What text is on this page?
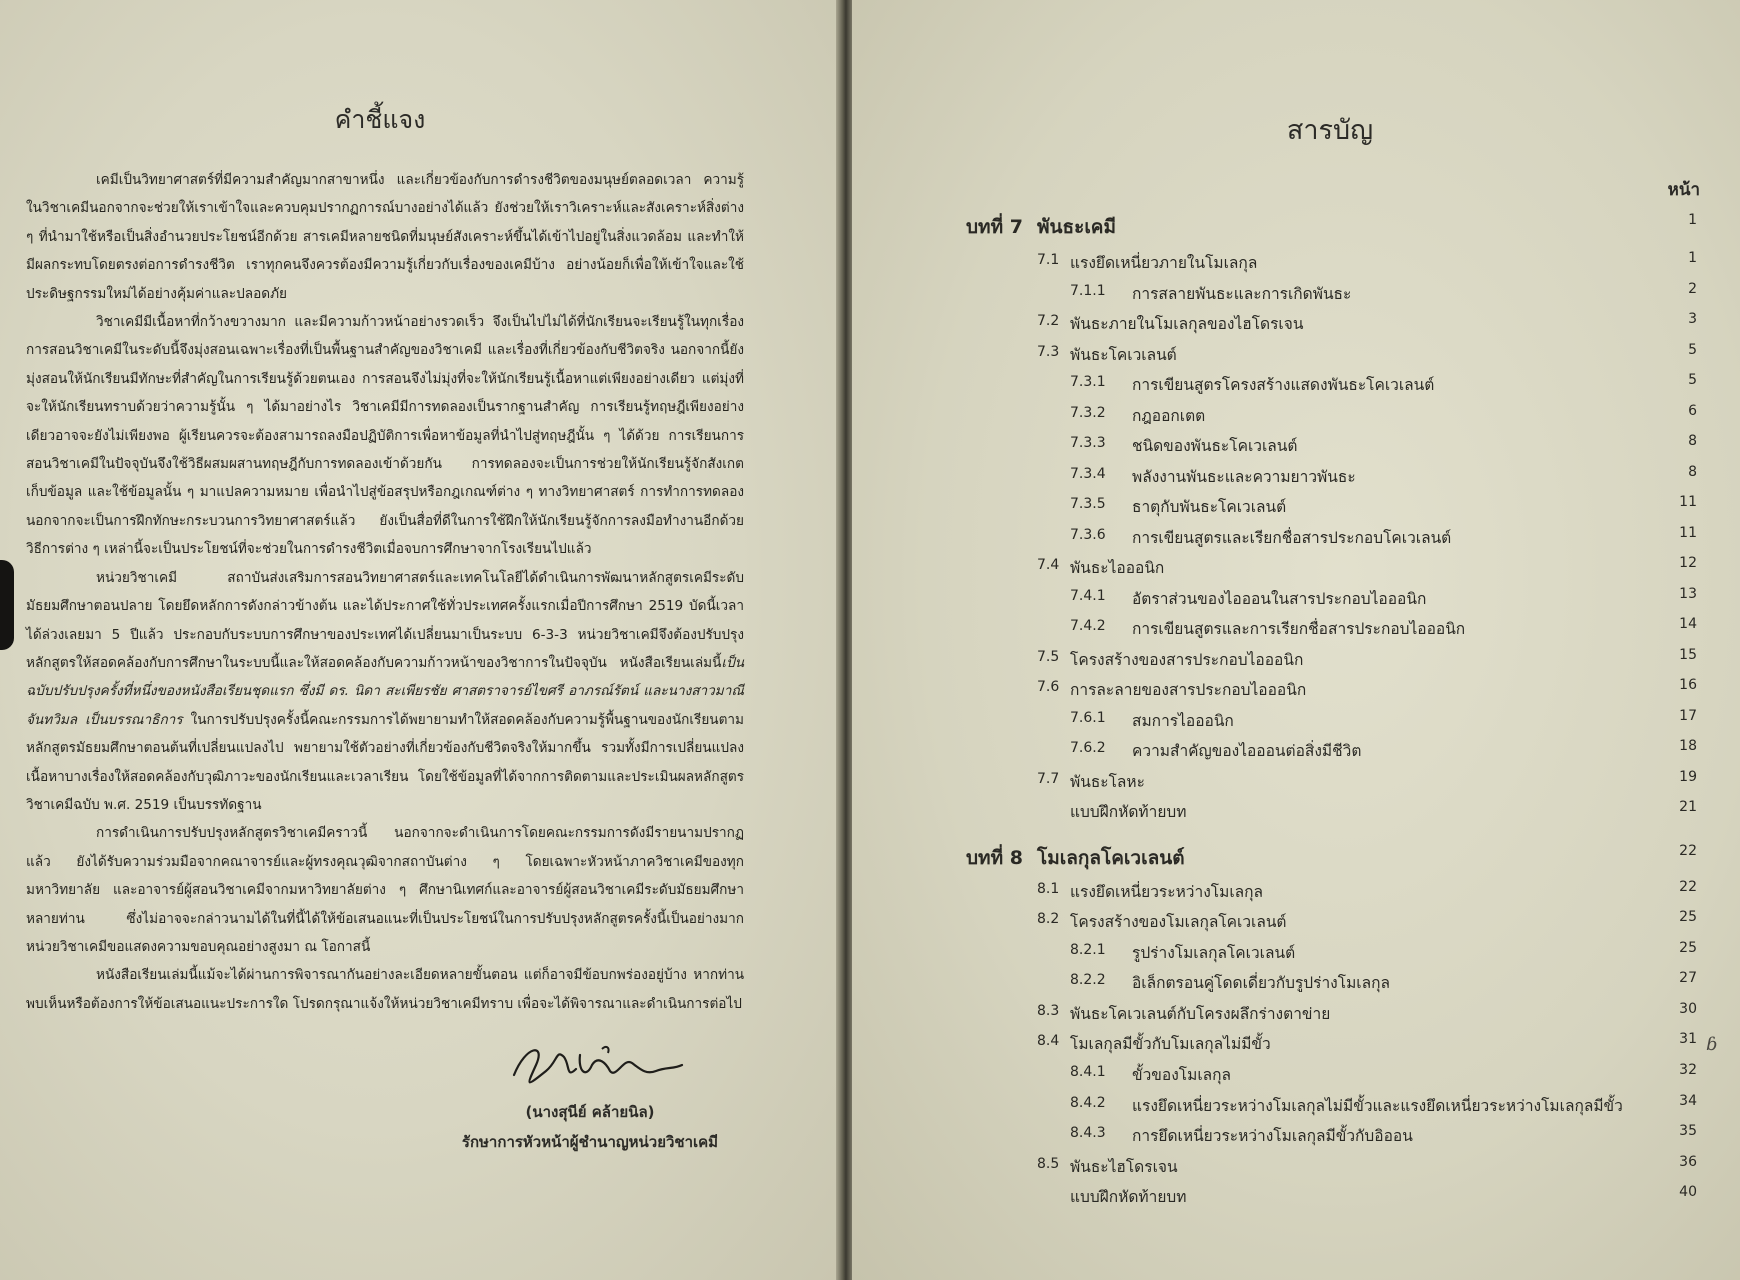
คำชี้แจง

เคมีเป็นวิทยาศาสตร์ที่มีความสำคัญมากสาขาหนึ่ง และเกี่ยวข้องกับการดำรงชีวิตของมนุษย์ตลอดเวลา ความรู้ในวิชาเคมีนอกจากจะช่วยให้เราเข้าใจและควบคุมปรากฏการณ์บางอย่างได้แล้ว ยังช่วยให้เราวิเคราะห์และสังเคราะห์สิ่งต่าง ๆ ที่นำมาใช้หรือเป็นสิ่งอำนวยประโยชน์อีกด้วย สารเคมีหลายชนิดที่มนุษย์สังเคราะห์ขึ้นได้เข้าไปอยู่ในสิ่งแวดล้อม และทำให้มีผลกระทบโดยตรงต่อการดำรงชีวิต เราทุกคนจึงควรต้องมีความรู้เกี่ยวกับเรื่องของเคมีบ้าง อย่างน้อยก็เพื่อให้เข้าใจและใช้ประดิษฐกรรมใหม่ได้อย่างคุ้มค่าและปลอดภัย

วิชาเคมีมีเนื้อหาที่กว้างขวางมาก และมีความก้าวหน้าอย่างรวดเร็ว จึงเป็นไปไม่ได้ที่นักเรียนจะเรียนรู้ในทุกเรื่อง การสอนวิชาเคมีในระดับนี้จึงมุ่งสอนเฉพาะเรื่องที่เป็นพื้นฐานสำคัญของวิชาเคมี และเรื่องที่เกี่ยวข้องกับชีวิตจริง นอกจากนี้ยังมุ่งสอนให้นักเรียนมีทักษะที่สำคัญในการเรียนรู้ด้วยตนเอง การสอนจึงไม่มุ่งที่จะให้นักเรียนรู้เนื้อหาแต่เพียงอย่างเดียว แต่มุ่งที่จะให้นักเรียนทราบด้วยว่าความรู้นั้น ๆ ได้มาอย่างไร วิชาเคมีมีการทดลองเป็นรากฐานสำคัญ การเรียนรู้ทฤษฎีเพียงอย่างเดียวอาจจะยังไม่เพียงพอ ผู้เรียนควรจะต้องสามารถลงมือปฏิบัติการเพื่อหาข้อมูลที่นำไปสู่ทฤษฎีนั้น ๆ ได้ด้วย การเรียนการสอนวิชาเคมีในปัจจุบันจึงใช้วิธีผสมผสานทฤษฎีกับการทดลองเข้าด้วยกัน การทดลองจะเป็นการช่วยให้นักเรียนรู้จักสังเกต เก็บข้อมูล และใช้ข้อมูลนั้น ๆ มาแปลความหมาย เพื่อนำไปสู่ข้อสรุปหรือกฎเกณฑ์ต่าง ๆ ทางวิทยาศาสตร์ การทำการทดลองนอกจากจะเป็นการฝึกทักษะกระบวนการวิทยาศาสตร์แล้ว ยังเป็นสื่อที่ดีในการใช้ฝึกให้นักเรียนรู้จักการลงมือทำงานอีกด้วย วิธีการต่าง ๆ เหล่านี้จะเป็นประโยชน์ที่จะช่วยในการดำรงชีวิตเมื่อจบการศึกษาจากโรงเรียนไปแล้ว

หน่วยวิชาเคมี สถาบันส่งเสริมการสอนวิทยาศาสตร์และเทคโนโลยีได้ดำเนินการพัฒนาหลักสูตรเคมีระดับมัธยมศึกษาตอนปลาย โดยยึดหลักการดังกล่าวข้างต้น และได้ประกาศใช้ทั่วประเทศครั้งแรกเมื่อปีการศึกษา 2519 บัดนี้เวลาได้ล่วงเลยมา 5 ปีแล้ว ประกอบกับระบบการศึกษาของประเทศได้เปลี่ยนมาเป็นระบบ 6-3-3 หน่วยวิชาเคมีจึงต้องปรับปรุงหลักสูตรให้สอดคล้องกับการศึกษาในระบบนี้และให้สอดคล้องกับความก้าวหน้าของวิชาการในปัจจุบัน หนังสือเรียนเล่มนี้เป็นฉบับปรับปรุงครั้งที่หนึ่งของหนังสือเรียนชุดแรก ซึ่งมี ดร. นิดา สะเพียรชัย ศาสตราจารย์ไขศรี อาภรณ์รัตน์ และนางสาวมาณี จันทวิมล เป็นบรรณาธิการ ในการปรับปรุงครั้งนี้คณะกรรมการได้พยายามทำให้สอดคล้องกับความรู้พื้นฐานของนักเรียนตามหลักสูตรมัธยมศึกษาตอนต้นที่เปลี่ยนแปลงไป พยายามใช้ตัวอย่างที่เกี่ยวข้องกับชีวิตจริงให้มากขึ้น รวมทั้งมีการเปลี่ยนแปลงเนื้อหาบางเรื่องให้สอดคล้องกับวุฒิภาวะของนักเรียนและเวลาเรียน โดยใช้ข้อมูลที่ได้จากการติดตามและประเมินผลหลักสูตรวิชาเคมีฉบับ พ.ศ. 2519 เป็นบรรทัดฐาน

การดำเนินการปรับปรุงหลักสูตรวิชาเคมีคราวนี้ นอกจากจะดำเนินการโดยคณะกรรมการดังมีรายนามปรากฏแล้ว ยังได้รับความร่วมมือจากคณาจารย์และผู้ทรงคุณวุฒิจากสถาบันต่าง ๆ โดยเฉพาะหัวหน้าภาควิชาเคมีของทุกมหาวิทยาลัย และอาจารย์ผู้สอนวิชาเคมีจากมหาวิทยาลัยต่าง ๆ ศึกษานิเทศก์และอาจารย์ผู้สอนวิชาเคมีระดับมัธยมศึกษาหลายท่าน ซึ่งไม่อาจจะกล่าวนามได้ในที่นี้ได้ให้ข้อเสนอแนะที่เป็นประโยชน์ในการปรับปรุงหลักสูตรครั้งนี้เป็นอย่างมาก หน่วยวิชาเคมีขอแสดงความขอบคุณอย่างสูงมา ณ โอกาสนี้

หนังสือเรียนเล่มนี้แม้จะได้ผ่านการพิจารณากันอย่างละเอียดหลายขั้นตอน แต่ก็อาจมีข้อบกพร่องอยู่บ้าง หากท่านพบเห็นหรือต้องการให้ข้อเสนอแนะประการใด โปรดกรุณาแจ้งให้หน่วยวิชาเคมีทราบ เพื่อจะได้พิจารณาและดำเนินการต่อไป

(นางสุนีย์ คล้ายนิล)
รักษาการหัวหน้าผู้ชำนาญหน่วยวิชาเคมี
สารบัญ
หน้า
บทที่ 7 พันธะเคมี	1
7.1 แรงยึดเหนี่ยวภายในโมเลกุล	1
7.1.1 การสลายพันธะและการเกิดพันธะ	2
7.2 พันธะภายในโมเลกุลของไฮโดรเจน	3
7.3 พันธะโคเวเลนต์	5
7.3.1 การเขียนสูตรโครงสร้างแสดงพันธะโคเวเลนต์	5
7.3.2 กฎออกเตต	6
7.3.3 ชนิดของพันธะโคเวเลนต์	8
7.3.4 พลังงานพันธะและความยาวพันธะ	8
7.3.5 ธาตุกับพันธะโคเวเลนต์	11
7.3.6 การเขียนสูตรและเรียกชื่อสารประกอบโคเวเลนต์	11
7.4 พันธะไอออนิก	12
7.4.1 อัตราส่วนของไอออนในสารประกอบไอออนิก	13
7.4.2 การเขียนสูตรและการเรียกชื่อสารประกอบไอออนิก	14
7.5 โครงสร้างของสารประกอบไอออนิก	15
7.6 การละลายของสารประกอบไอออนิก	16
7.6.1 สมการไอออนิก	17
7.6.2 ความสำคัญของไอออนต่อสิ่งมีชีวิต	18
7.7 พันธะโลหะ	19
แบบฝึกหัดท้ายบท	21
บทที่ 8 โมเลกุลโคเวเลนต์	22
8.1 แรงยึดเหนี่ยวระหว่างโมเลกุล	22
8.2 โครงสร้างของโมเลกุลโคเวเลนต์	25
8.2.1 รูปร่างโมเลกุลโคเวเลนต์	25
8.2.2 อิเล็กตรอนคู่โดดเดี่ยวกับรูปร่างโมเลกุล	27
8.3 พันธะโคเวเลนต์กับโครงผลึกร่างตาข่าย	30
8.4 โมเลกุลมีขั้วกับโมเลกุลไม่มีขั้ว	31
8.4.1 ขั้วของโมเลกุล	32
8.4.2 แรงยึดเหนี่ยวระหว่างโมเลกุลไม่มีขั้วและแรงยึดเหนี่ยวระหว่างโมเลกุลมีขั้ว	34
8.4.3 การยึดเหนี่ยวระหว่างโมเลกุลมีขั้วกับอิออน	35
8.5 พันธะไฮโดรเจน	36
แบบฝึกหัดท้ายบท	40
ɓ
